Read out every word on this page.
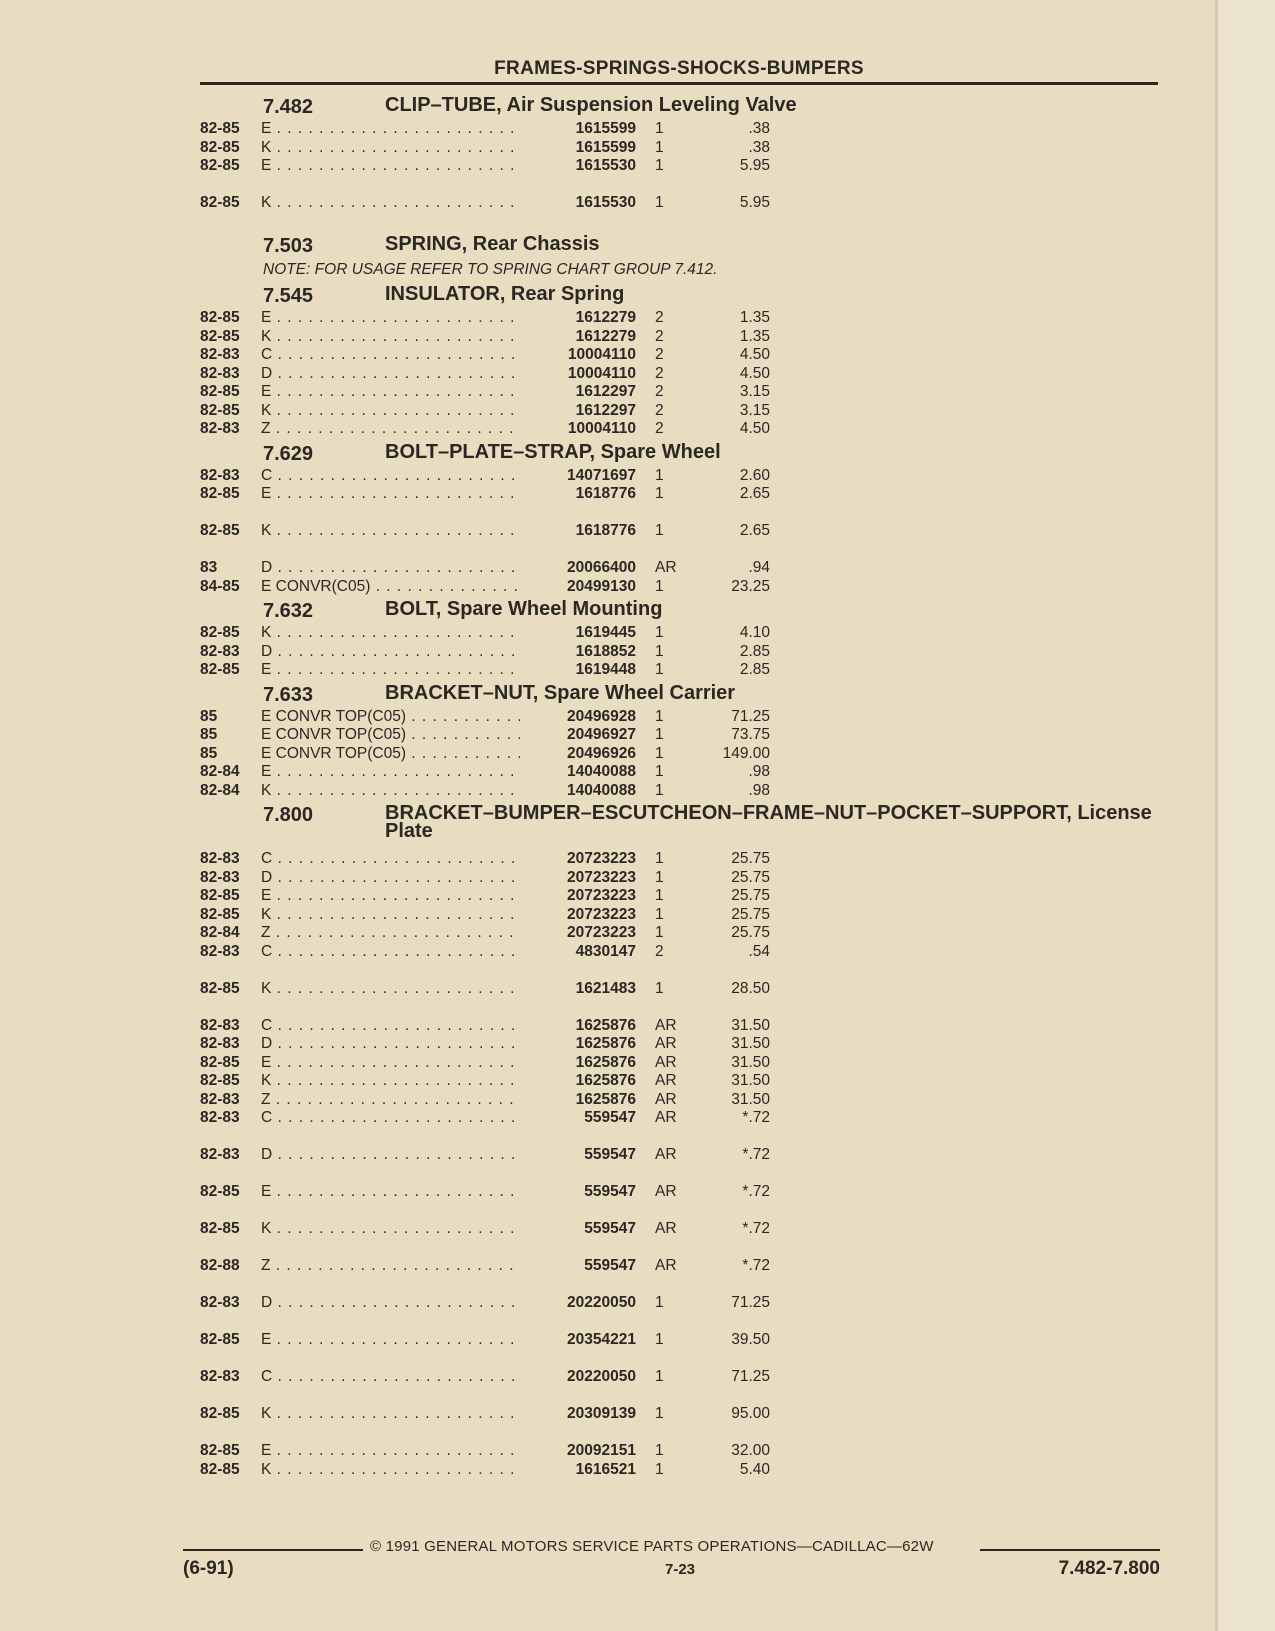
FRAMES-SPRINGS-SHOCKS-BUMPERS
7.482	CLIP–TUBE, Air Suspension Leveling Valve
82-85	E . . .	1615599 1	.38
82-85	K . . .	1615599 1	.38
82-85	E . . .	1615530 1	5.95
82-85	K . . .	1615530 1	5.95
7.503	SPRING, Rear Chassis
NOTE: FOR USAGE REFER TO SPRING CHART GROUP 7.412.
7.545	INSULATOR, Rear Spring
82-85	E . . .	1612279 2	1.35
82-85	K . . .	1612279 2	1.35
82-83	C . . .	10004110 2	4.50
82-83	D . . .	10004110 2	4.50
82-85	E . . .	1612297 2	3.15
82-85	K . . .	1612297 2	3.15
82-83	Z . . .	10004110 2	4.50
7.629	BOLT–PLATE–STRAP, Spare Wheel
82-83	C . . .	14071697 1	2.60
82-85	E . . .	1618776 1	2.65
82-85	K . . .	1618776 1	2.65
83	D . . .	20066400 AR	.94
84-85	E CONVR(C05) . . .	20499130 1	23.25
7.632	BOLT, Spare Wheel Mounting
82-85	K . . .	1619445 1	4.10
82-83	D . . .	1618852 1	2.85
82-85	E . . .	1619448 1	2.85
7.633	BRACKET–NUT, Spare Wheel Carrier
85	E CONVR TOP(C05) . . .	20496928 1	71.25
85	E CONVR TOP(C05) . . .	20496927 1	73.75
85	E CONVR TOP(C05) . . .	20496926 1	149.00
82-84	E . . .	14040088 1	.98
82-84	K . . .	14040088 1	.98
7.800	BRACKET–BUMPER–ESCUTCHEON–FRAME–NUT–POCKET–SUPPORT, License Plate
82-83	C . . .	20723223 1	25.75
82-83	D . . .	20723223 1	25.75
82-85	E . . .	20723223 1	25.75
82-85	K . . .	20723223 1	25.75
82-84	Z . . .	20723223 1	25.75
82-83	C . . .	4830147 2	.54
82-85	K . . .	1621483 1	28.50
82-83	C . . .	1625876 AR	31.50
82-83	D . . .	1625876 AR	31.50
82-85	E . . .	1625876 AR	31.50
82-85	K . . .	1625876 AR	31.50
82-83	Z . . .	1625876 AR	31.50
82-83	C . . .	559547 AR	*.72
82-83	D . . .	559547 AR	*.72
82-85	E . . .	559547 AR	*.72
82-85	K . . .	559547 AR	*.72
82-88	Z . . .	559547 AR	*.72
82-83	D . . .	20220050 1	71.25
82-85	E . . .	20354221 1	39.50
82-83	C . . .	20220050 1	71.25
82-85	K . . .	20309139 1	95.00
82-85	E . . .	20092151 1	32.00
82-85	K . . .	1616521 1	5.40
© 1991 GENERAL MOTORS SERVICE PARTS OPERATIONS—CADILLAC—62W
(6-91)	7-23	7.482-7.800
